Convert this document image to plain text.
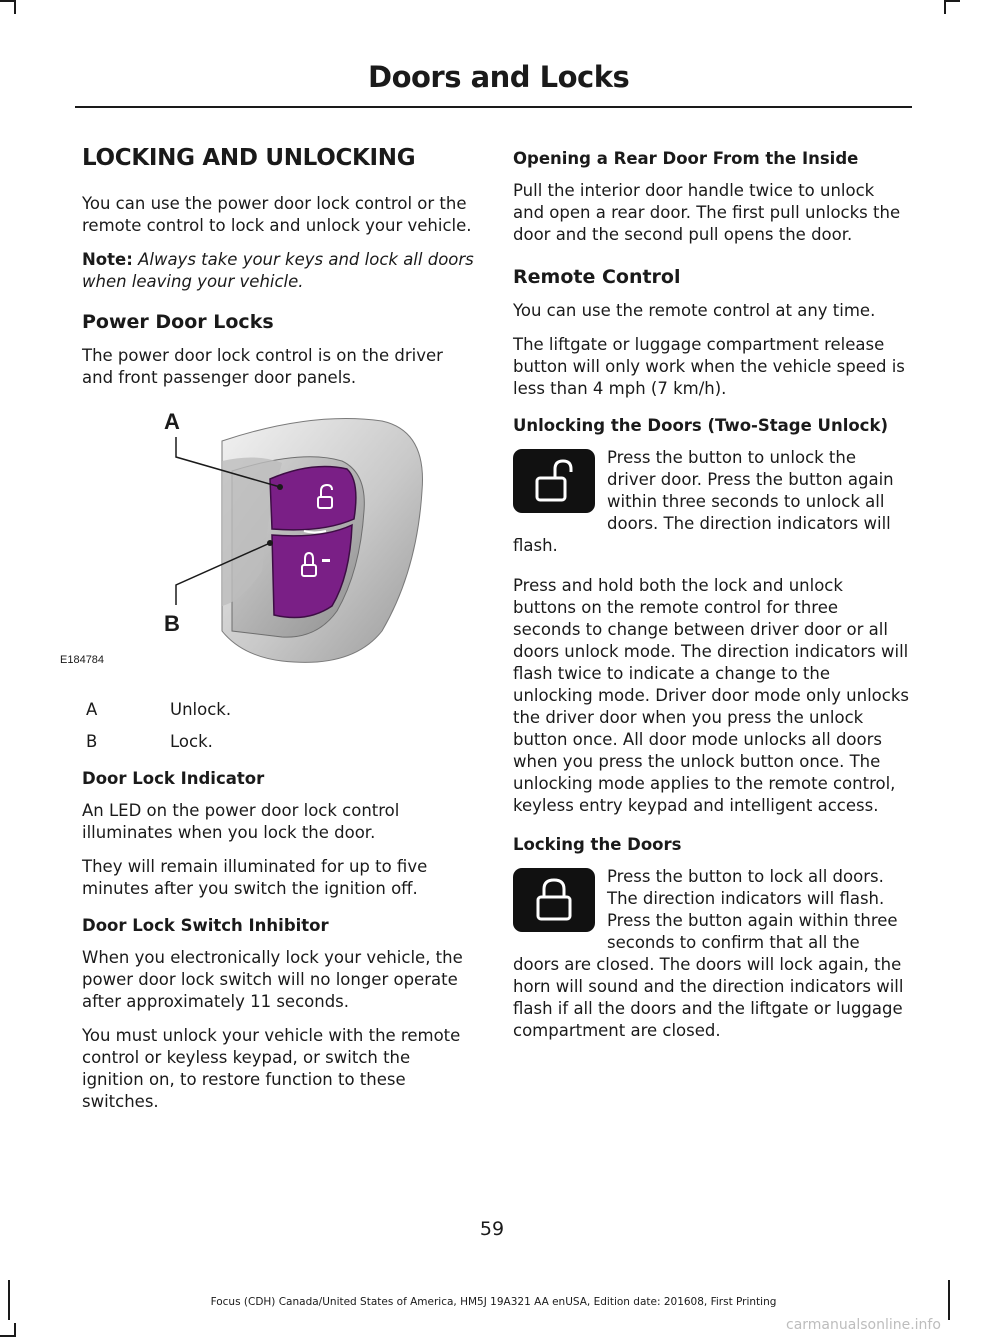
Doors and Locks
LOCKING AND UNLOCKING

You can use the power door lock control or the remote control to lock and unlock your vehicle.

Note: Always take your keys and lock all doors when leaving your vehicle.

Power Door Locks

The power door lock control is on the driver and front passenger door panels.

A
B
E184784
A	Unlock.
B	Lock.
Door Lock Indicator

An LED on the power door lock control illuminates when you lock the door.

They will remain illuminated for up to five minutes after you switch the ignition off.

Door Lock Switch Inhibitor

When you electronically lock your vehicle, the power door lock switch will no longer operate after approximately 11 seconds.

You must unlock your vehicle with the remote control or keyless keypad, or switch the ignition on, to restore function to these switches.

Opening a Rear Door From the Inside

Pull the interior door handle twice to unlock and open a rear door. The first pull unlocks the door and the second pull opens the door.

Remote Control

You can use the remote control at any time.

The liftgate or luggage compartment release button will only work when the vehicle speed is less than 4 mph (7 km/h).

Unlocking the Doors (Two-Stage Unlock)

Press the button to unlock the driver door. Press the button again within three seconds to unlock all doors. The direction indicators will flash.

Press and hold both the lock and unlock buttons on the remote control for three seconds to change between driver door or all doors unlock mode. The direction indicators will flash twice to indicate a change to the unlocking mode. Driver door mode only unlocks the driver door when you press the unlock button once. All door mode unlocks all doors when you press the unlock button once. The unlocking mode applies to the remote control, keyless entry keypad and intelligent access.

Locking the Doors

Press the button to lock all doors. The direction indicators will flash. Press the button again within three seconds to confirm that all the doors are closed. The doors will lock again, the horn will sound and the direction indicators will flash if all the doors and the liftgate or luggage compartment are closed.

59
Focus (CDH) Canada/United States of America, HM5J 19A321 AA enUSA, Edition date: 201608, First Printing
carmanualsonline.info
